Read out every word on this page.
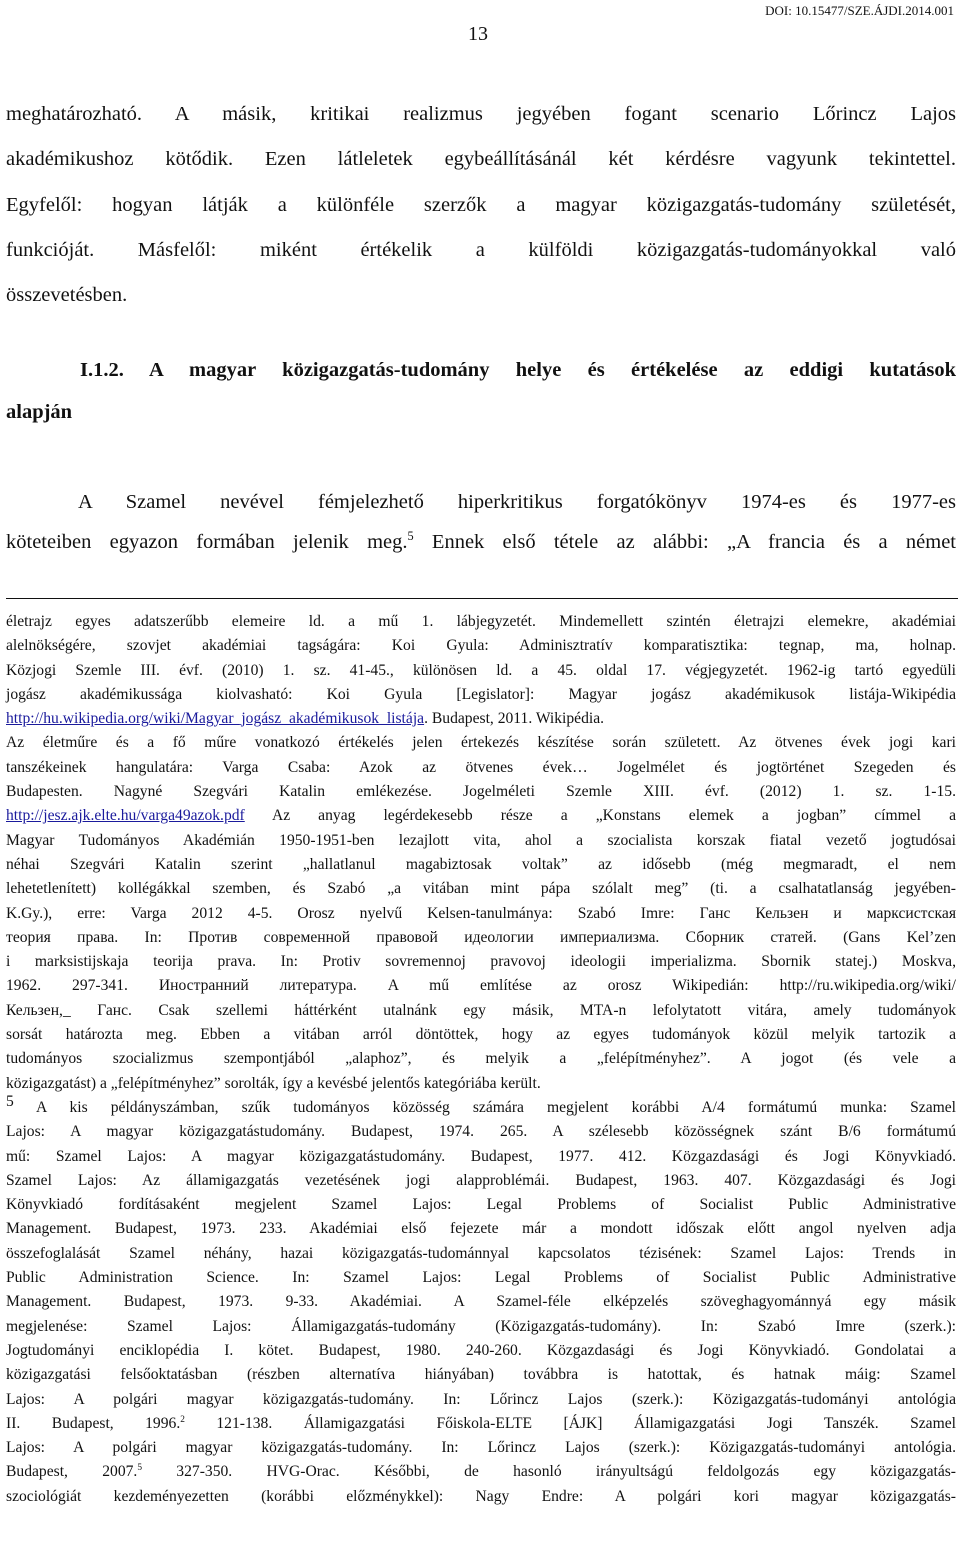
DOI: 10.15477/SZE.ÁJDI.2014.001
13
meghatározható. A másik, kritikai realizmus jegyében fogant scenario Lőrincz Lajos
akadémikushoz kötődik. Ezen látleletek egybeállításánál két kérdésre vagyunk tekintettel.
Egyfelől: hogyan látják a különféle szerzők a magyar közigazgatás-tudomány születését,
funkcióját. Másfelől: miként értékelik a külföldi közigazgatás-tudományokkal való
összevetésben.
I.1.2. A magyar közigazgatás-tudomány helye és értékelése az eddigi kutatások
alapján
A Szamel nevével fémjelezhető hiperkritikus forgatókönyv 1974-es és 1977-es
köteteiben egyazon formában jelenik meg.$^5$ Ennek első tétele az alábbi: „A francia és a német
életrajz egyes adatszerűbb elemeire ld. a mű 1. lábjegyzetét. Mindemellett szintén életrajzi elemekre, akadémiai
alelnökségére, szovjet akadémiai tagságára: Koi Gyula: Adminisztratív komparatisztika: tegnap, ma, holnap.
Közjogi Szemle III. évf. (2010) 1. sz. 41-45., különösen ld. a 45. oldal 17. végjegyzetét. 1962-ig tartó egyedüli
jogász akadémikussága kiolvasható: Koi Gyula [Legislator]: Magyar jogász akadémikusok listája-Wikipédia
http://hu.wikipedia.org/wiki/Magyar_jogász_akadémikusok_listája. Budapest, 2011. Wikipédia.
Az életműre és a fő műre vonatkozó értékelés jelen értekezés készítése során született. Az ötvenes évek jogi kari
tanszékeinek hangulatára: Varga Csaba: Azok az ötvenes évek… Jogelmélet és jogtörténet Szegeden és
Budapesten. Nagyné Szegvári Katalin emlékezése. Jogelméleti Szemle XIII. évf. (2012) 1. sz. 1-15.
http://jesz.ajk.elte.hu/varga49azok.pdf Az anyag legérdekesebb része a „Konstans elemek a jogban” címmel a
Magyar Tudományos Akadémián 1950-1951-ben lezajlott vita, ahol a szocialista korszak fiatal vezető jogtudósai
néhai Szegvári Katalin szerint „hallatlanul magabiztosak voltak” az idősebb (még megmaradt, el nem
lehetetlenített) kollégákkal szemben, és Szabó „a vitában mint pápa szólalt meg” (ti. a csalhatatlanság jegyében-
K.Gy.), erre: Varga 2012 4-5. Orosz nyelvű Kelsen-tanulmánya: Szabó Imre: Ганс Кельзен и марксистская
теория права. In: Против современной правовой идеологии империализма. Сборник статей. (Gans Kel’zen
i marksistijskaja teorija prava. In: Protiv sovremennoj pravovoj ideologii imperializma. Sbornik statej.) Moskva,
1962. 297-341. Иностранний литература. A mű említése az orosz Wikipedián: http://ru.wikipedia.org/wiki/
Кельзен,_ Ганс. Csak szellemi háttérként utalnánk egy másik, MTA-n lefolytatott vitára, amely tudományok
sorsát határozta meg. Ebben a vitában arról döntöttek, hogy az egyes tudományok közül melyik tartozik a
tudományos szocializmus szempontjából „alaphoz”, és melyik a „felépítményhez”. A jogot (és vele a
közigazgatást) a „felépítményhez” sorolták, így a kevésbé jelentős kategóriába került.
5 A kis példányszámban, szűk tudományos közösség számára megjelent korábbi A/4 formátumú munka: Szamel
Lajos: A magyar közigazgatástudomány. Budapest, 1974. 265. A szélesebb közösségnek szánt B/6 formátumú
mű: Szamel Lajos: A magyar közigazgatástudomány. Budapest, 1977. 412. Közgazdasági és Jogi Könyvkiadó.
Szamel Lajos: Az államigazgatás vezetésének jogi alapproblémái. Budapest, 1963. 407. Közgazdasági és Jogi
Könyvkiadó fordításaként megjelent Szamel Lajos: Legal Problems of Socialist Public Administrative
Management. Budapest, 1973. 233. Akadémiai első fejezete már a mondott időszak előtt angol nyelven adja
összefoglalását Szamel néhány, hazai közigazgatás-tudománnyal kapcsolatos tézisének: Szamel Lajos: Trends in
Public Administration Science. In: Szamel Lajos: Legal Problems of Socialist Public Administrative
Management. Budapest, 1973. 9-33. Akadémiai. A Szamel-féle elképzelés szöveghagyománnyá egy másik
megjelenése: Szamel Lajos: Államigazgatás-tudomány (Közigazgatás-tudomány). In: Szabó Imre (szerk.):
Jogtudományi enciklopédia I. kötet. Budapest, 1980. 240-260. Közgazdasági és Jogi Könyvkiadó. Gondolatai a
közigazgatási felsőoktatásban (részben alternatíva hiányában) továbbra is hatottak, és hatnak máig: Szamel
Lajos: A polgári magyar közigazgatás-tudomány. In: Lőrincz Lajos (szerk.): Közigazgatás-tudományi antológia
II. Budapest, 1996.$^2$ 121-138. Államigazgatási Főiskola-ELTE [ÁJK] Államigazgatási Jogi Tanszék. Szamel
Lajos: A polgári magyar közigazgatás-tudomány. In: Lőrincz Lajos (szerk.): Közigazgatás-tudományi antológia.
Budapest, 2007.$^5$ 327-350. HVG-Orac. Későbbi, de hasonló irányultságú feldolgozás egy közigazgatás-
szociológiát kezdeményezetten (korábbi előzménykkel): Nagy Endre: A polgári kori magyar közigazgatás-
